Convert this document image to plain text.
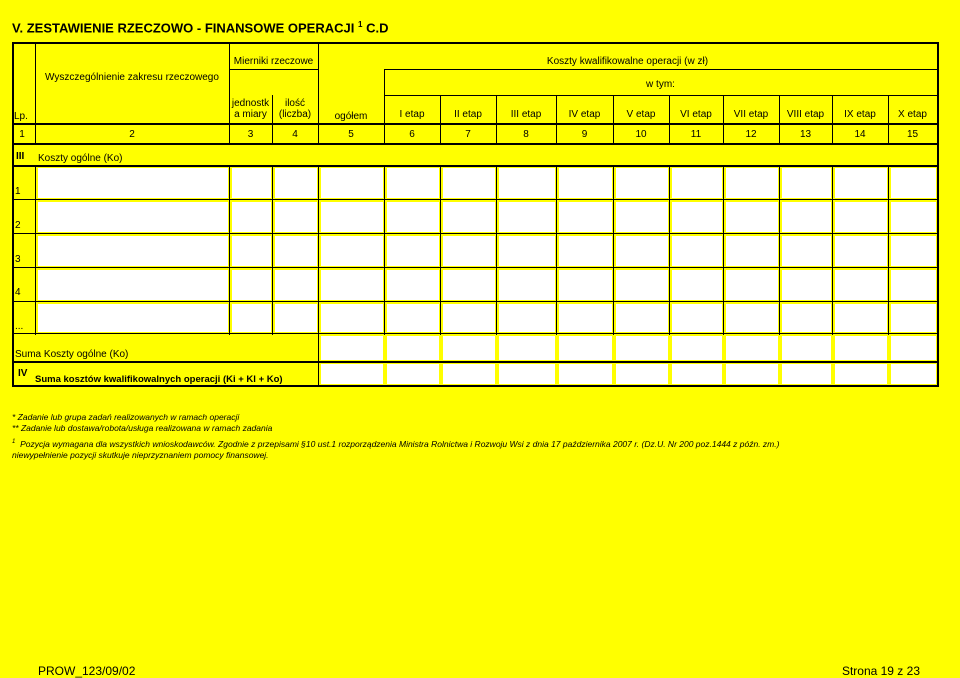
V. ZESTAWIENIE RZECZOWO - FINANSOWE OPERACJI $^1$ C.D
Lp.
Wyszczególnienie zakresu rzeczowego
Mierniki rzeczowe
jednostk
a miary
ilość
(liczba)
Koszty kwalifikowalne operacji (w zł)
w tym:
ogółem	I etap	II etap	III etap	IV etap	V etap	VI etap	VII etap	VIII etap	IX etap	X etap
1	2	3	4	5	6	7	8	9	10	11	12	13	14	15
III Koszty ogólne (Ko)
1
2
3
4
...
Suma Koszty ogólne (Ko)
IV
Suma kosztów kwalifikowalnych operacji (Ki + Kl + Ko)
* Zadanie lub grupa zadań realizowanych w ramach operacji
** Zadanie lub dostawa/robota/usługa realizowana w ramach zadania
$^1$ Pozycja wymagana dla wszystkich wnioskodawców. Zgodnie z przepisami §10 ust.1 rozporządzenia Ministra Rolnictwa i Rozwoju Wsi z dnia 17 października 2007 r. (Dz.U. Nr 200 poz.1444 z późn. zm.)
niewypełnienie pozycji skutkuje nieprzyznaniem pomocy finansowej.
PROW_123/09/02	Strona 19 z 23
